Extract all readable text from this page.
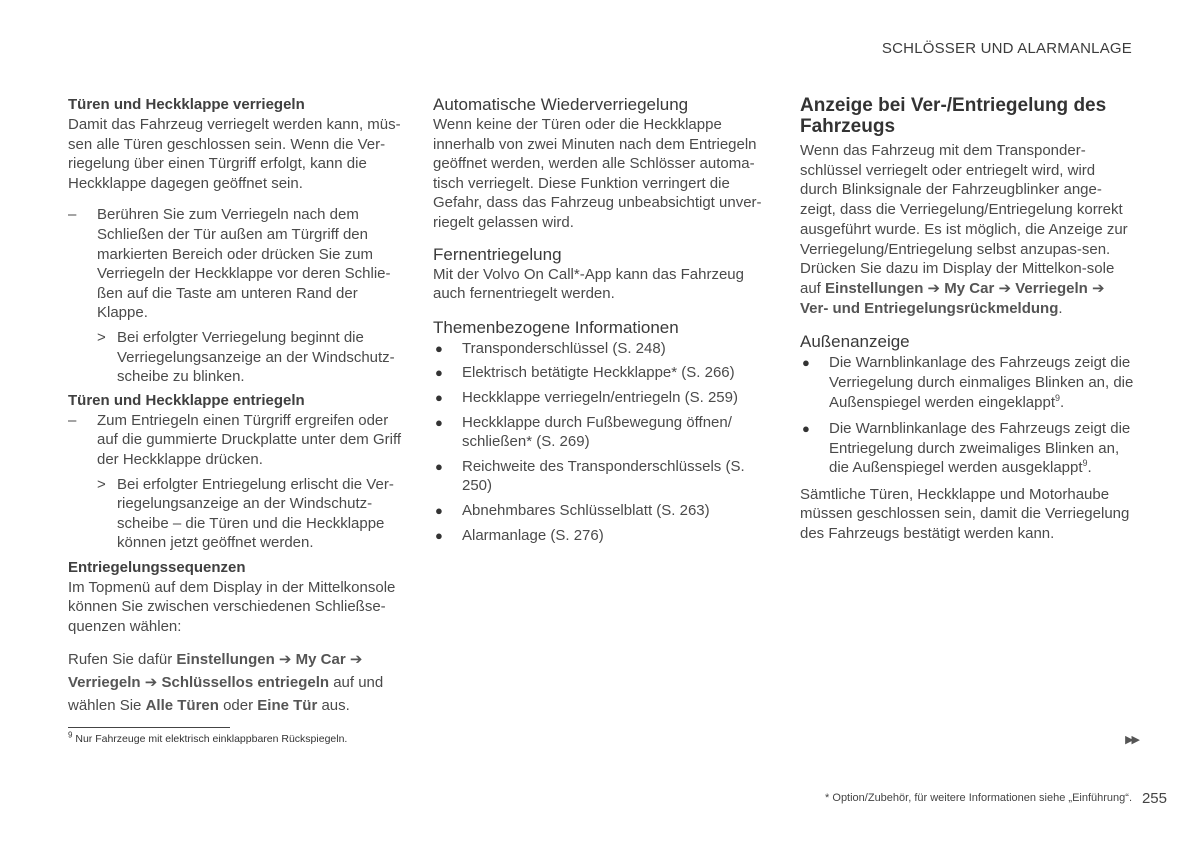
SCHLÖSSER UND ALARMANLAGE
Türen und Heckklappe verriegeln

Damit das Fahrzeug verriegelt werden kann, müs-sen alle Türen geschlossen sein. Wenn die Ver-riegelung über einen Türgriff erfolgt, kann die Heckklappe dagegen geöffnet sein.

– Berühren Sie zum Verriegeln nach dem Schließen der Tür außen am Türgriff den markierten Bereich oder drücken Sie zum Verriegeln der Heckklappe vor deren Schlie-ßen auf die Taste am unteren Rand der Klappe.
> Bei erfolgter Verriegelung beginnt die Verriegelungsanzeige an der Windschutz-scheibe zu blinken.
Türen und Heckklappe entriegeln
– Zum Entriegeln einen Türgriff ergreifen oder auf die gummierte Druckplatte unter dem Griff der Heckklappe drücken.
> Bei erfolgter Entriegelung erlischt die Ver-riegelungsanzeige an der Windschutz-scheibe – die Türen und die Heckklappe können jetzt geöffnet werden.
Entriegelungssequenzen

Im Topmenü auf dem Display in der Mittelkonsole können Sie zwischen verschiedenen Schließse-quenzen wählen:

Rufen Sie dafür Einstellungen ➔ My Car ➔ Verriegeln ➔ Schlüssellos entriegeln auf und wählen Sie Alle Türen oder Eine Tür aus.

Automatische Wiederverriegelung

Wenn keine der Türen oder die Heckklappe innerhalb von zwei Minuten nach dem Entriegeln geöffnet werden, werden alle Schlösser automa-tisch verriegelt. Diese Funktion verringert die Gefahr, dass das Fahrzeug unbeabsichtigt unver-riegelt gelassen wird.

Fernentriegelung

Mit der Volvo On Call*-App kann das Fahrzeug auch fernentriegelt werden.

Themenbezogene Informationen
● Transponderschlüssel (S. 248)
● Elektrisch betätigte Heckklappe* (S. 266)
● Heckklappe verriegeln/entriegeln (S. 259)
● Heckklappe durch Fußbewegung öffnen/ schließen* (S. 269)
● Reichweite des Transponderschlüssels (S. 250)
● Abnehmbares Schlüsselblatt (S. 263)
● Alarmanlage (S. 276)
Anzeige bei Ver-/Entriegelung des Fahrzeugs

Wenn das Fahrzeug mit dem Transponder-schlüssel verriegelt oder entriegelt wird, wird durch Blinksignale der Fahrzeugblinker ange-zeigt, dass die Verriegelung/Entriegelung korrekt ausgeführt wurde. Es ist möglich, die Anzeige zur Verriegelung/Entriegelung selbst anzupas-sen. Drücken Sie dazu im Display der Mittelkon-sole auf Einstellungen ➔ My Car ➔ Verriegeln ➔ Ver- und Entriegelungsrückmeldung.

Außenanzeige
● Die Warnblinkanlage des Fahrzeugs zeigt die Verriegelung durch einmaliges Blinken an, die Außenspiegel werden eingeklappt$^9$.
● Die Warnblinkanlage des Fahrzeugs zeigt die Entriegelung durch zweimaliges Blinken an, die Außenspiegel werden ausgeklappt$^9$.

Sämtliche Türen, Heckklappe und Motorhaube müssen geschlossen sein, damit die Verriegelung des Fahrzeugs bestätigt werden kann.

$^9$ Nur Fahrzeuge mit elektrisch einklappbaren Rückspiegeln.	▶▶
* Option/Zubehör, für weitere Informationen siehe „Einführung“. 255
